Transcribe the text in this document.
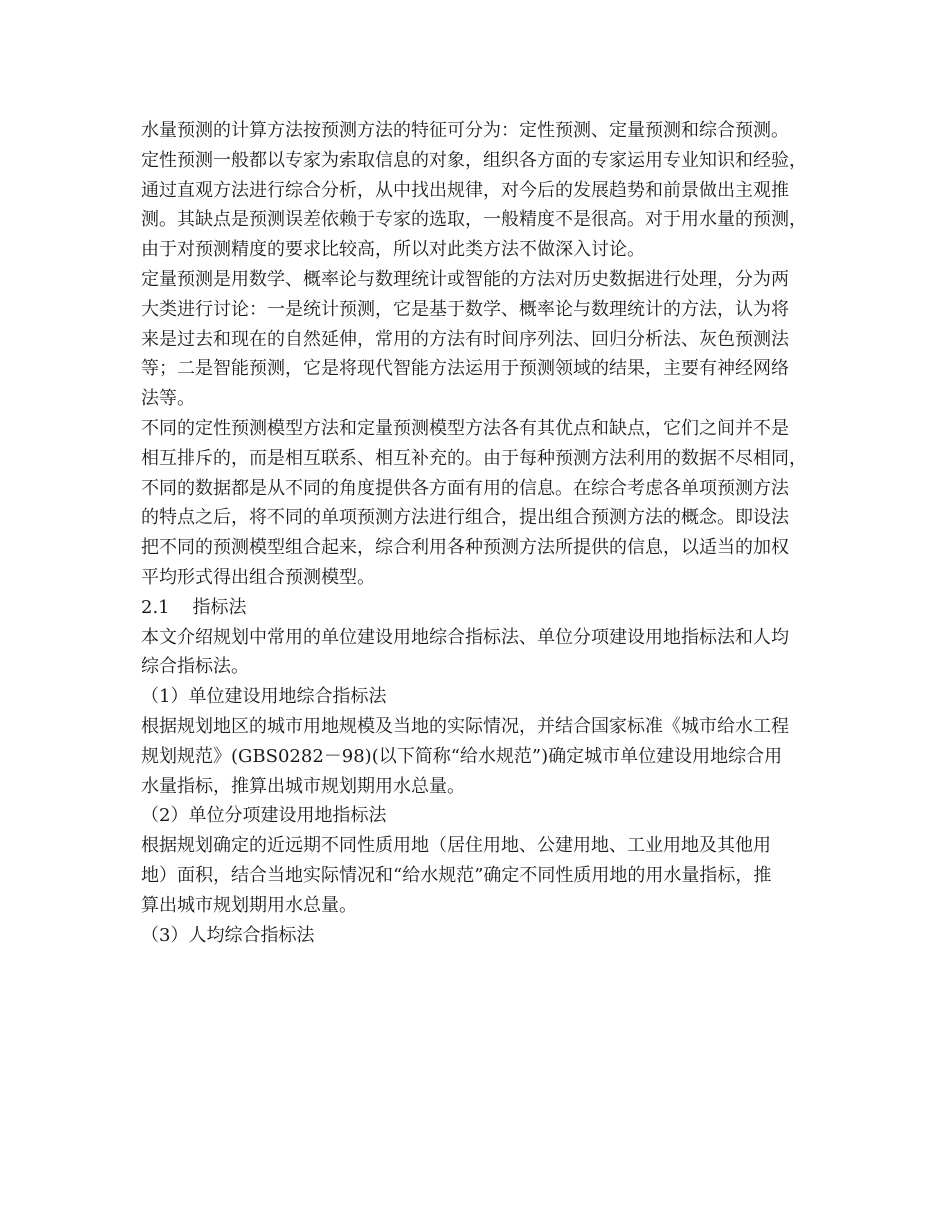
水量预测的计算方法按预测方法的特征可分为：定性预测、定量预测和综合预测。
定性预测一般都以专家为索取信息的对象，组织各方面的专家运用专业知识和经验，
通过直观方法进行综合分析，从中找出规律，对今后的发展趋势和前景做出主观推
测。其缺点是预测误差依赖于专家的选取，一般精度不是很高。对于用水量的预测，
由于对预测精度的要求比较高，所以对此类方法不做深入讨论。
定量预测是用数学、概率论与数理统计或智能的方法对历史数据进行处理，分为两
大类进行讨论：一是统计预测，它是基于数学、概率论与数理统计的方法，认为将
来是过去和现在的自然延伸，常用的方法有时间序列法、回归分析法、灰色预测法
等；二是智能预测，它是将现代智能方法运用于预测领域的结果，主要有神经网络
法等。
不同的定性预测模型方法和定量预测模型方法各有其优点和缺点，它们之间并不是
相互排斥的，而是相互联系、相互补充的。由于每种预测方法利用的数据不尽相同，
不同的数据都是从不同的角度提供各方面有用的信息。在综合考虑各单项预测方法
的特点之后，将不同的单项预测方法进行组合，提出组合预测方法的概念。即设法
把不同的预测模型组合起来，综合利用各种预测方法所提供的信息，以适当的加权
平均形式得出组合预测模型。
2.1    指标法
本文介绍规划中常用的单位建设用地综合指标法、单位分项建设用地指标法和人均
综合指标法。
（1）单位建设用地综合指标法
根据规划地区的城市用地规模及当地的实际情况，并结合国家标准《城市给水工程
规划规范》(GBS0282－98)(以下简称“给水规范”)确定城市单位建设用地综合用
水量指标，推算出城市规划期用水总量。
（2）单位分项建设用地指标法
根据规划确定的近远期不同性质用地（居住用地、公建用地、工业用地及其他用
地）面积，结合当地实际情况和“给水规范”确定不同性质用地的用水量指标，推
算出城市规划期用水总量。
（3）人均综合指标法
